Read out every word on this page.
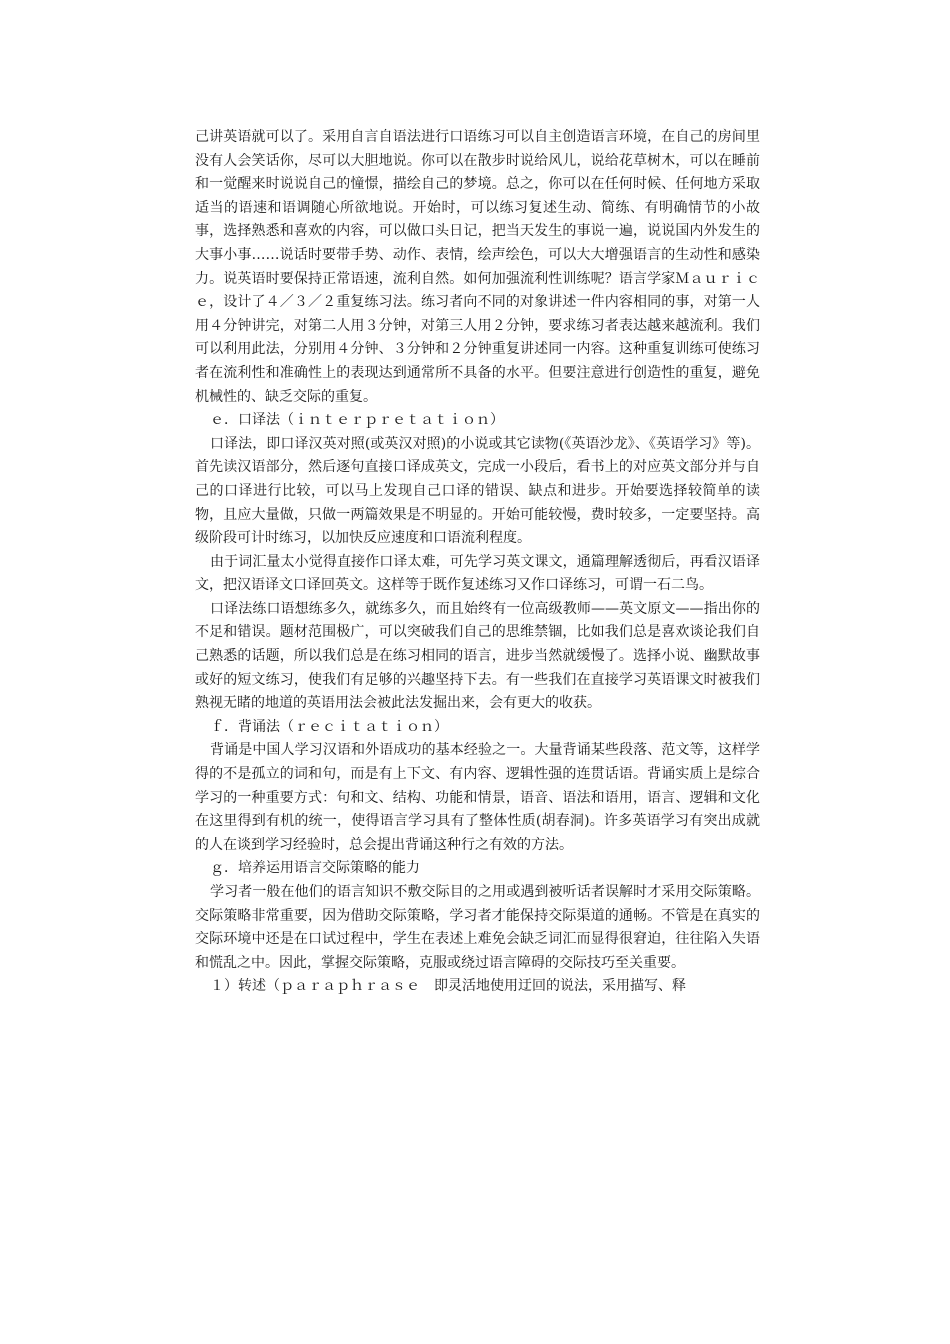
己讲英语就可以了。采用自言自语法进行口语练习可以自主创造语言环境，在自己的房间里没有人会笑话你，尽可以大胆地说。你可以在散步时说给风儿，说给花草树木，可以在睡前和一觉醒来时说说自己的憧憬，描绘自己的梦境。总之，你可以在任何时候、任何地方采取适当的语速和语调随心所欲地说。开始时，可以练习复述生动、简练、有明确情节的小故事，选择熟悉和喜欢的内容，可以做口头日记，把当天发生的事说一遍，说说国内外发生的大事小事……说话时要带手势、动作、表情，绘声绘色，可以大大增强语言的生动性和感染力。说英语时要保持正常语速，流利自然。如何加强流利性训练呢？语言学家Ｍａｕｒｉｃｅ，设计了４／３／２重复练习法。练习者向不同的对象讲述一件内容相同的事，对第一人用４分钟讲完，对第二人用３分钟，对第三人用２分钟，要求练习者表达越来越流利。我们可以利用此法，分别用４分钟、３分钟和２分钟重复讲述同一内容。这种重复训练可使练习者在流利性和准确性上的表现达到通常所不具备的水平。但要注意进行创造性的重复，避免机械性的、缺乏交际的重复。

ｅ．口译法（ｉｎｔｅｒｐｒｅｔａｔｉｏｎ）

口译法，即口译汉英对照(或英汉对照)的小说或其它读物(《英语沙龙》、《英语学习》等)。首先读汉语部分，然后逐句直接口译成英文，完成一小段后，看书上的对应英文部分并与自己的口译进行比较，可以马上发现自己口译的错误、缺点和进步。开始要选择较简单的读物，且应大量做，只做一两篇效果是不明显的。开始可能较慢，费时较多，一定要坚持。高级阶段可计时练习，以加快反应速度和口语流利程度。

由于词汇量太小觉得直接作口译太难，可先学习英文课文，通篇理解透彻后，再看汉语译文，把汉语译文口译回英文。这样等于既作复述练习又作口译练习，可谓一石二鸟。

口译法练口语想练多久，就练多久，而且始终有一位高级教师——英文原文——指出你的不足和错误。题材范围极广，可以突破我们自己的思维禁锢，比如我们总是喜欢谈论我们自己熟悉的话题，所以我们总是在练习相同的语言，进步当然就缓慢了。选择小说、幽默故事或好的短文练习，使我们有足够的兴趣坚持下去。有一些我们在直接学习英语课文时被我们熟视无睹的地道的英语用法会被此法发掘出来，会有更大的收获。

ｆ．背诵法（ｒｅｃｉｔａｔｉｏｎ）

背诵是中国人学习汉语和外语成功的基本经验之一。大量背诵某些段落、范文等，这样学得的不是孤立的词和句，而是有上下文、有内容、逻辑性强的连贯话语。背诵实质上是综合学习的一种重要方式：句和文、结构、功能和情景，语音、语法和语用，语言、逻辑和文化在这里得到有机的统一，使得语言学习具有了整体性质(胡春洞)。许多英语学习有突出成就的人在谈到学习经验时，总会提出背诵这种行之有效的方法。

ｇ．培养运用语言交际策略的能力

学习者一般在他们的语言知识不敷交际目的之用或遇到被听话者误解时才采用交际策略。交际策略非常重要，因为借助交际策略，学习者才能保持交际渠道的通畅。不管是在真实的交际环境中还是在口试过程中，学生在表述上难免会缺乏词汇而显得很窘迫，往往陷入失语和慌乱之中。因此，掌握交际策略，克服或绕过语言障碍的交际技巧至关重要。

１）转述（ｐａｒａｐｈｒａｓｅ　即灵活地使用迂回的说法，采用描写、释
